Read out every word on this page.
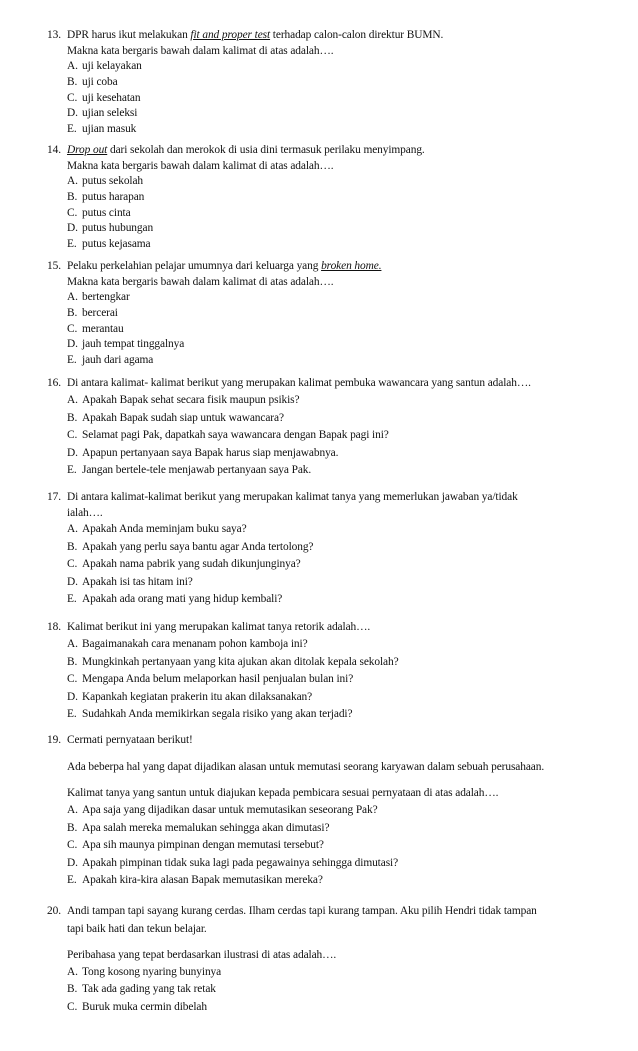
13. DPR harus ikut melakukan fit and proper test terhadap calon-calon direktur BUMN.
Makna kata bergaris bawah dalam kalimat di atas adalah….
A. uji kelayakan
B. uji coba
C. uji kesehatan
D. ujian seleksi
E. ujian masuk
14. Drop out dari sekolah dan merokok di usia dini termasuk perilaku menyimpang.
Makna kata bergaris bawah dalam kalimat di atas adalah….
A. putus sekolah
B. putus harapan
C. putus cinta
D. putus hubungan
E. putus kejasama
15. Pelaku perkelahian pelajar umumnya dari keluarga yang broken home.
Makna kata bergaris bawah dalam kalimat di atas adalah….
A. bertengkar
B. bercerai
C. merantau
D. jauh tempat tinggalnya
E. jauh dari agama
16. Di antara kalimat- kalimat berikut yang merupakan kalimat pembuka wawancara yang santun adalah….
A. Apakah Bapak sehat secara fisik maupun psikis?
B. Apakah Bapak sudah siap untuk wawancara?
C. Selamat pagi Pak, dapatkah saya wawancara dengan Bapak pagi ini?
D. Apapun pertanyaan saya Bapak harus siap menjawabnya.
E. Jangan bertele-tele menjawab pertanyaan saya Pak.
17. Di antara kalimat-kalimat berikut yang merupakan kalimat tanya yang memerlukan jawaban ya/tidak
ialah….
A. Apakah Anda meminjam buku saya?
B. Apakah yang perlu saya bantu agar Anda tertolong?
C. Apakah nama pabrik yang sudah dikunjunginya?
D. Apakah isi tas hitam ini?
E. Apakah ada orang mati yang hidup kembali?
18. Kalimat berikut ini yang merupakan kalimat tanya retorik adalah….
A. Bagaimanakah cara menanam pohon kamboja ini?
B. Mungkinkah pertanyaan yang kita ajukan akan ditolak kepala sekolah?
C. Mengapa Anda belum melaporkan hasil penjualan bulan ini?
D. Kapankah kegiatan prakerin itu akan dilaksanakan?
E. Sudahkah Anda memikirkan segala risiko yang akan terjadi?
19. Cermati pernyataan berikut!
Ada beberpa hal yang dapat dijadikan alasan untuk memutasi seorang karyawan dalam sebuah perusahaan.
Kalimat tanya yang santun untuk diajukan kepada pembicara sesuai pernyataan di atas adalah….
A. Apa saja yang dijadikan dasar untuk memutasikan seseorang Pak?
B. Apa salah mereka memalukan sehingga akan dimutasi?
C. Apa sih maunya pimpinan dengan memutasi tersebut?
D. Apakah pimpinan tidak suka lagi pada pegawainya sehingga dimutasi?
E. Apakah kira-kira alasan Bapak memutasikan mereka?
20. Andi tampan tapi sayang kurang cerdas. Ilham cerdas tapi kurang tampan. Aku pilih Hendri tidak tampan
tapi baik hati dan tekun belajar.
Peribahasa yang tepat berdasarkan ilustrasi di atas adalah….
A. Tong kosong nyaring bunyinya
B. Tak ada gading yang tak retak
C. Buruk muka cermin dibelah
